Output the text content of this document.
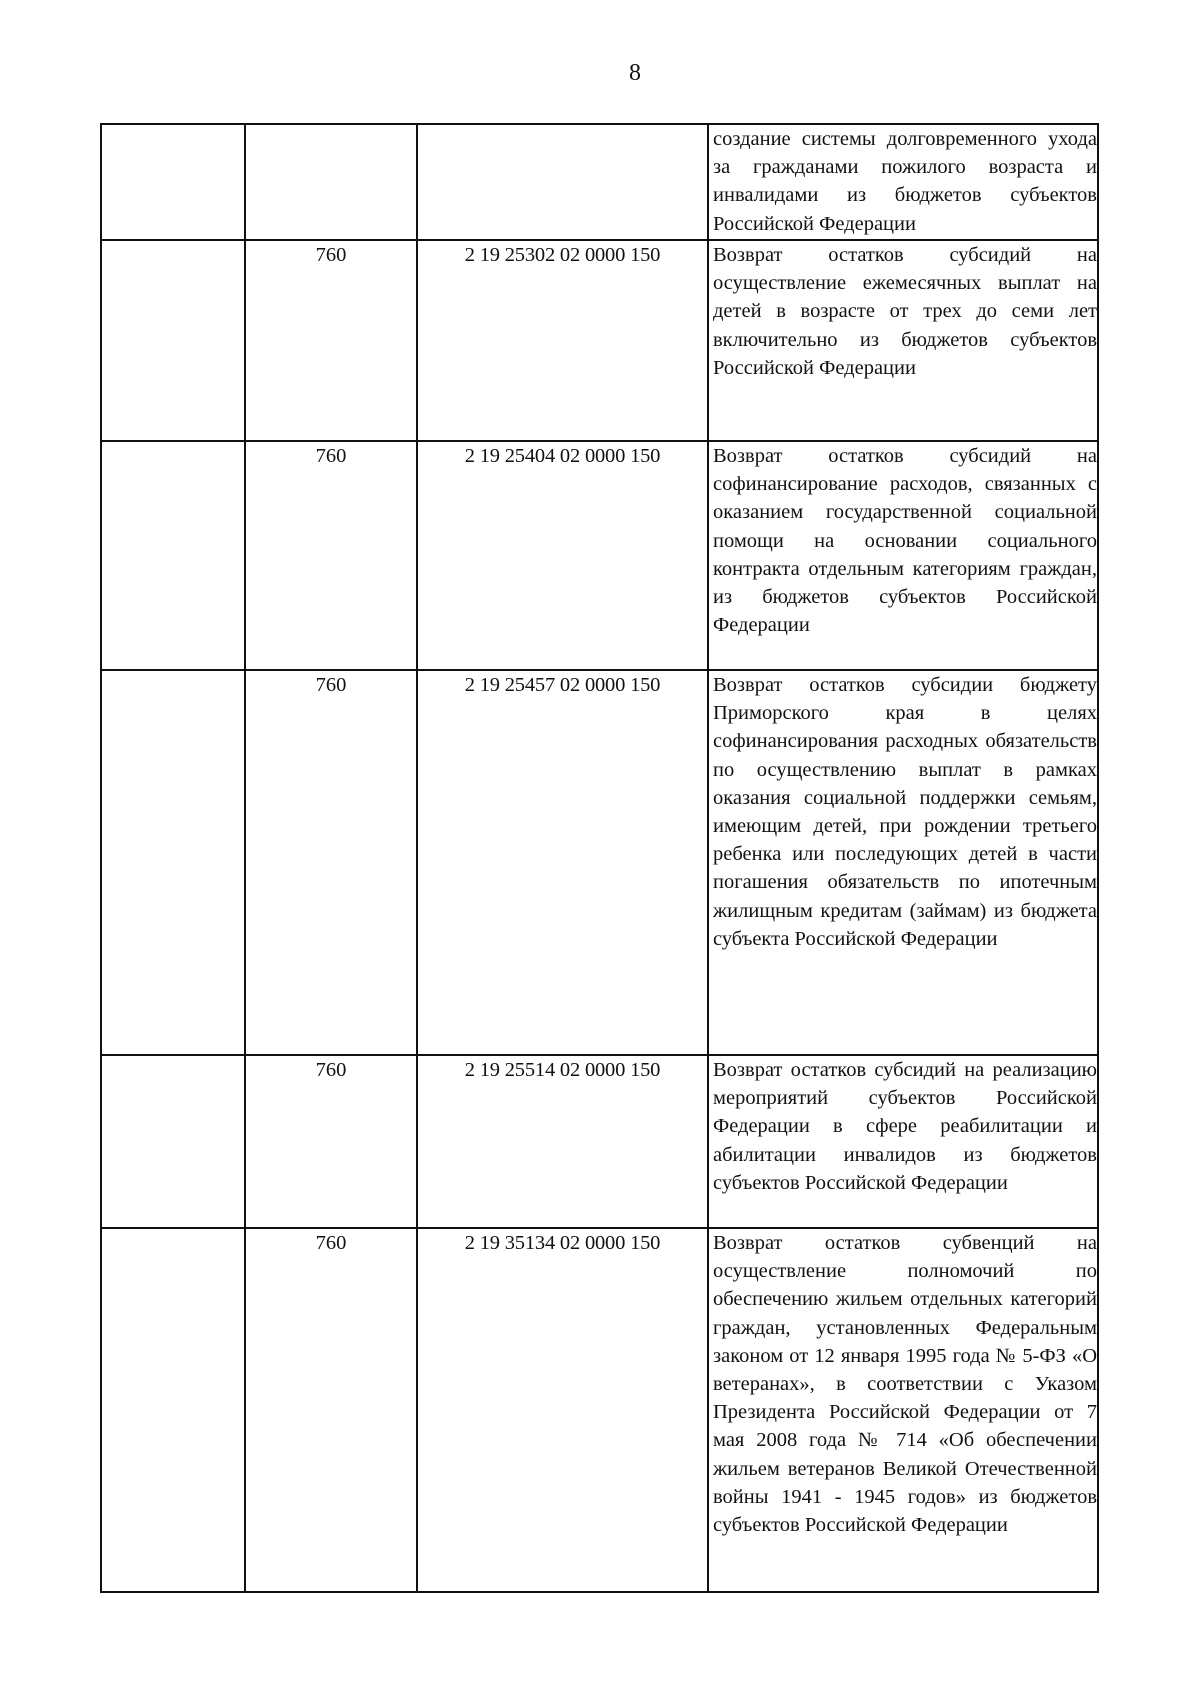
8

			создание системы долговременного ухода за гражданами пожилого возраста и инвалидами из бюджетов субъектов Российской Федерации

	760	2 19 25302 02 0000 150	Возврат остатков субсидий на осуществление ежемесячных выплат на детей в возрасте от трех до семи лет включительно из бюджетов субъектов Российской Федерации

	760	2 19 25404 02 0000 150	Возврат остатков субсидий на софинансирование расходов, связанных с оказанием государственной социальной помощи на основании социального контракта отдельным категориям граждан, из бюджетов субъектов Российской Федерации

	760	2 19 25457 02 0000 150	Возврат остатков субсидии бюджету Приморского края в целях софинансирования расходных обязательств по осуществлению выплат в рамках оказания социальной поддержки семьям, имеющим детей, при рождении третьего ребенка или последующих детей в части погашения обязательств по ипотечным жилищным кредитам (займам) из бюджета субъекта Российской Федерации

	760	2 19 25514 02 0000 150	Возврат остатков субсидий на реализацию мероприятий субъектов Российской Федерации в сфере реабилитации и абилитации инвалидов из бюджетов субъектов Российской Федерации

	760	2 19 35134 02 0000 150	Возврат остатков субвенций на осуществление полномочий по обеспечению жильем отдельных категорий граждан, установленных Федеральным законом от 12 января 1995 года № 5-ФЗ «О ветеранах», в соответствии с Указом Президента Российской Федерации от 7 мая 2008 года № 714 «Об обеспечении жильем ветеранов Великой Отечественной войны 1941 - 1945 годов» из бюджетов субъектов Российской Федерации
